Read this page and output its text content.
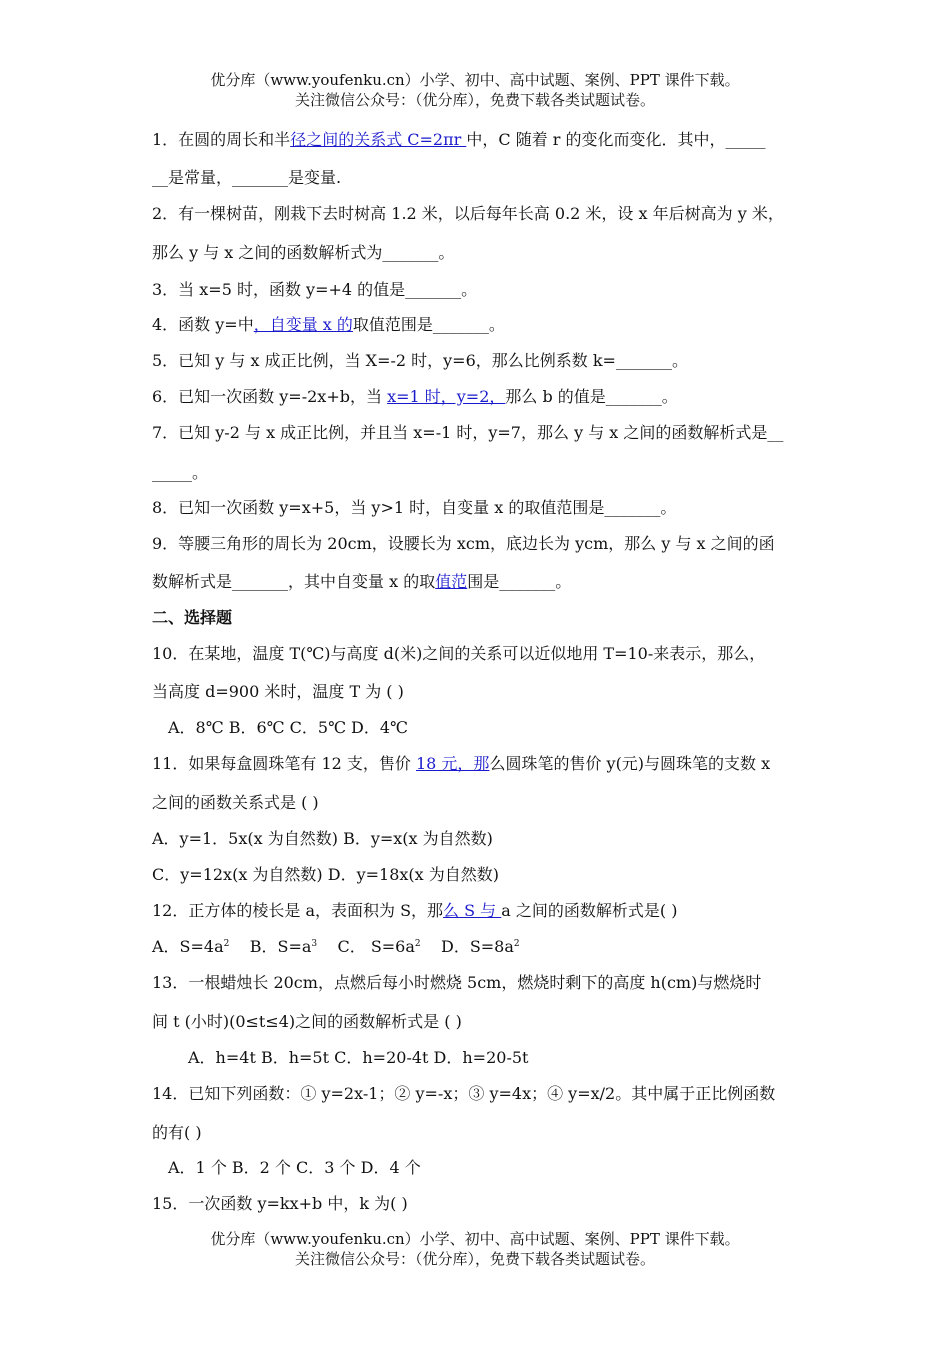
优分库（www.youfenku.cn）小学、初中、高中试题、案例、PPT 课件下载。
关注微信公众号：（优分库），免费下载各类试题试卷。
1．在圆的周长和半径之间的关系式 C=2πr 中，C 随着 r 的变化而变化．其中，_____
__是常量，_______是变量.
2．有一棵树苗，刚栽下去时树高 1.2 米，以后每年长高 0.2 米，设 x 年后树高为 y 米，
那么 y 与 x 之间的函数解析式为_______。
3．当 x=5 时，函数 y=+4 的值是_______。
4．函数 y=中，自变量 x 的取值范围是_______。
5．已知 y 与 x 成正比例，当 X=-2 时，y=6，那么比例系数 k=_______。
6．已知一次函数 y=-2x+b，当 x=1 时，y=2，那么 b 的值是_______。
7．已知 y-2 与 x 成正比例，并且当 x=-1 时，y=7，那么 y 与 x 之间的函数解析式是__
_____。
8．已知一次函数 y=x+5，当 y>1 时，自变量 x 的取值范围是_______。
9．等腰三角形的周长为 20cm，设腰长为 xcm，底边长为 ycm，那么 y 与 x 之间的函
数解析式是_______，其中自变量 x 的取值范围是_______。
二、选择题
10．在某地，温度 T(℃)与高度 d(米)之间的关系可以近似地用 T=10-来表示，那么，
当高度 d=900 米时，温度 T 为 ( )
A．8℃ B．6℃ C．5℃ D．4℃
11．如果每盒圆珠笔有 12 支，售价 18 元，那么圆珠笔的售价 y(元)与圆珠笔的支数 x
之间的函数关系式是 ( )
A．y=1．5x(x 为自然数) B．y=x(x 为自然数)
C．y=12x(x 为自然数) D．y=18x(x 为自然数)
12．正方体的棱长是 a，表面积为 S，那么 S 与 a 之间的函数解析式是( )
A．$S=4a^2$ B．$S=a^3$ C． $S=6a^2$ D．$S=8a^2$
13．一根蜡烛长 20cm，点燃后每小时燃烧 5cm，燃烧时剩下的高度 h(cm)与燃烧时
间 t (小时)(0≤t≤4)之间的函数解析式是 ( )
A．h=4t B．h=5t C．h=20-4t D．h=20-5t
14．已知下列函数：① y=2x-1；② y=-x；③ y=4x；④ y=x/2。其中属于正比例函数
的有( )
A．1 个 B．2 个 C．3 个 D．4 个
15．一次函数 y=kx+b 中，k 为( )
优分库（www.youfenku.cn）小学、初中、高中试题、案例、PPT 课件下载。
关注微信公众号：（优分库），免费下载各类试题试卷。
